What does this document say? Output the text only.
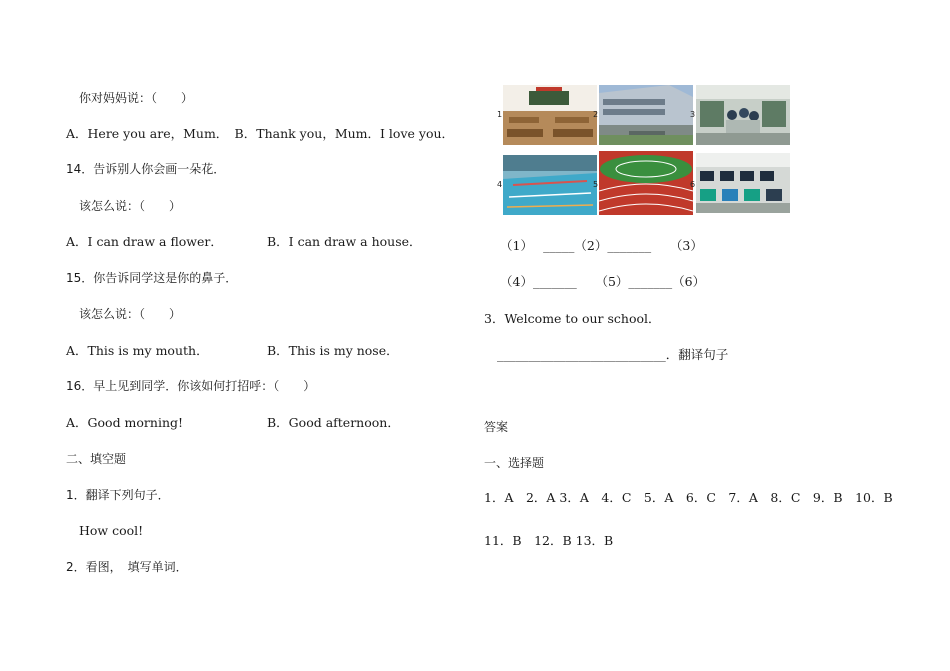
你对妈妈说：（　　）
A．Here you are，Mum．　B．Thank you，Mum．I love you．
14．告诉别人你会画一朵花．
该怎么说：（　　）
A．I can draw a flower．	B．I can draw a house．
15．你告诉同学这是你的鼻子．
该怎么说：（　　）
A．This is my mouth．	B．This is my nose．
16．早上见到同学．你该如何打招呼：（　　）
A．Good morning!	B．Good afternoon．
二、填空题
1．翻译下列句子．
How cool!
2．看图，　填写单词．
1	2	3
4	5	6
（1）　 _____（2）_______　　（3）
（4）_______　　（5）_______（6）
3．Welcome to our school．
___________________________．翻译句子
答案
一、选择题
1．A　2．A 3．A　4．C　5．A　6．C　7．A　8．C　9．B　10．B
11．B　12．B 13．B
